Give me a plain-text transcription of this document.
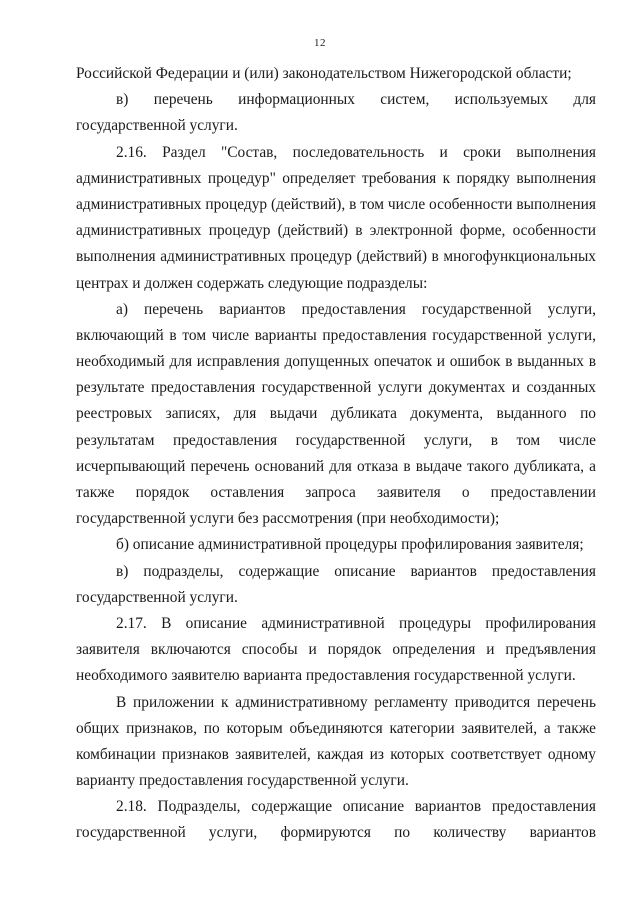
12
Российской Федерации и (или) законодательством Нижегородской области;
в) перечень информационных систем, используемых для
государственной услуги.
2.16. Раздел "Состав, последовательность и сроки выполнения
административных процедур" определяет требования к порядку выполнения
административных процедур (действий), в том числе особенности выполнения
административных процедур (действий) в электронной форме, особенности
выполнения административных процедур (действий) в многофункциональных
центрах и должен содержать следующие подразделы:
а) перечень вариантов предоставления государственной услуги,
включающий в том числе варианты предоставления государственной услуги,
необходимый для исправления допущенных опечаток и ошибок в выданных в
результате предоставления государственной услуги документах и созданных
реестровых записях, для выдачи дубликата документа, выданного по
результатам предоставления государственной услуги, в том числе
исчерпывающий перечень оснований для отказа в выдаче такого дубликата, а
также порядок оставления запроса заявителя о предоставлении
государственной услуги без рассмотрения (при необходимости);
б) описание административной процедуры профилирования заявителя;
в) подразделы, содержащие описание вариантов предоставления
государственной услуги.
2.17. В описание административной процедуры профилирования
заявителя включаются способы и порядок определения и предъявления
необходимого заявителю варианта предоставления государственной услуги.
В приложении к административному регламенту приводится перечень
общих признаков, по которым объединяются категории заявителей, а также
комбинации признаков заявителей, каждая из которых соответствует одному
варианту предоставления государственной услуги.
2.18. Подразделы, содержащие описание вариантов предоставления
государственной услуги, формируются по количеству вариантов
